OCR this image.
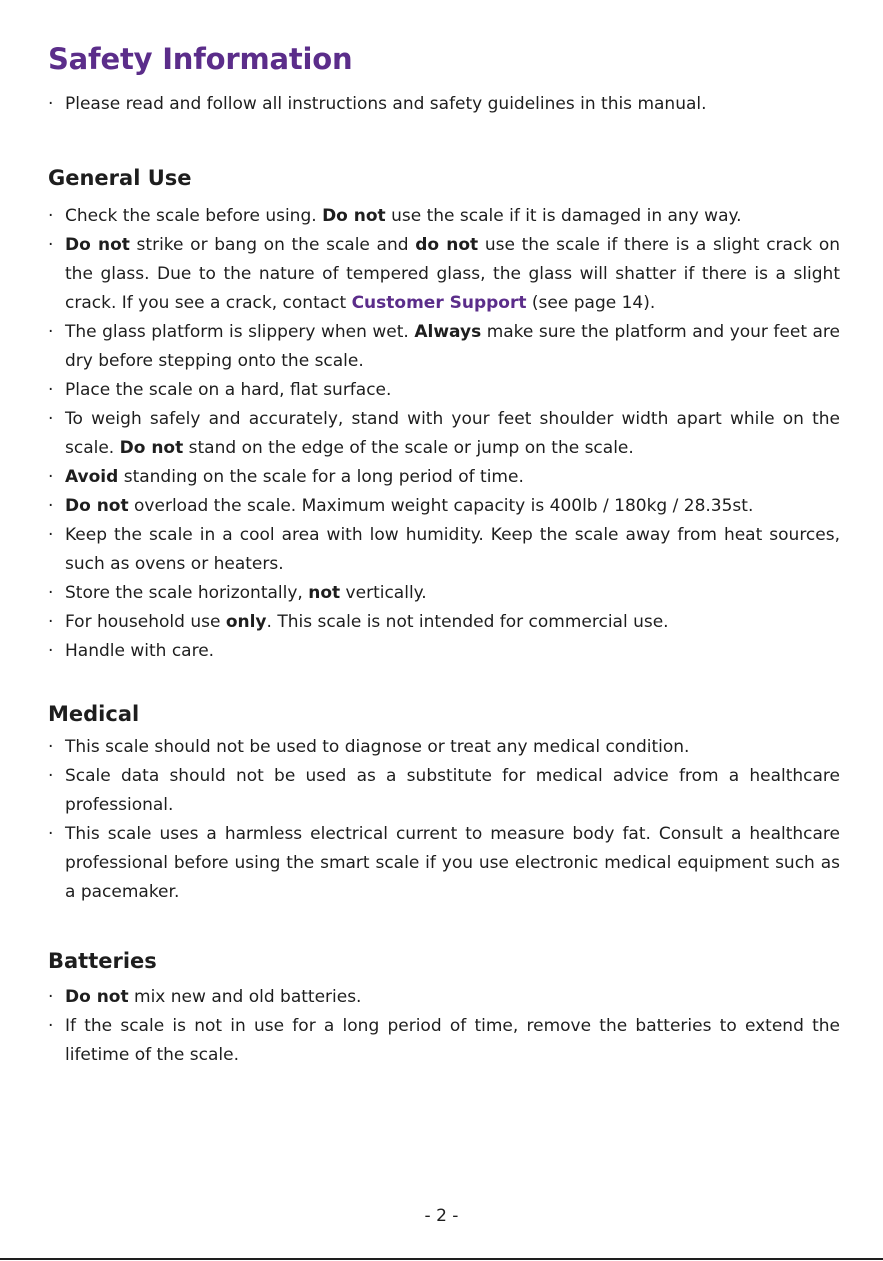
Safety Information
· Please read and follow all instructions and safety guidelines in this manual.
General Use
· Check the scale before using. Do not use the scale if it is damaged in any way.
· Do not strike or bang on the scale and do not use the scale if there is a slight crack on the glass. Due to the nature of tempered glass, the glass will shatter if there is a slight crack. If you see a crack, contact Customer Support (see page 14).
· The glass platform is slippery when wet. Always make sure the platform and your feet are dry before stepping onto the scale.
· Place the scale on a hard, flat surface.
· To weigh safely and accurately, stand with your feet shoulder width apart while on the scale. Do not stand on the edge of the scale or jump on the scale.
· Avoid standing on the scale for a long period of time.
· Do not overload the scale. Maximum weight capacity is 400lb / 180kg / 28.35st.
· Keep the scale in a cool area with low humidity. Keep the scale away from heat sources, such as ovens or heaters.
· Store the scale horizontally, not vertically.
· For household use only. This scale is not intended for commercial use.
· Handle with care.
Medical
· This scale should not be used to diagnose or treat any medical condition.
· Scale data should not be used as a substitute for medical advice from a healthcare professional.
· This scale uses a harmless electrical current to measure body fat. Consult a healthcare professional before using the smart scale if you use electronic medical equipment such as a pacemaker.
Batteries
· Do not mix new and old batteries.
· If the scale is not in use for a long period of time, remove the batteries to extend the lifetime of the scale.
- 2 -
